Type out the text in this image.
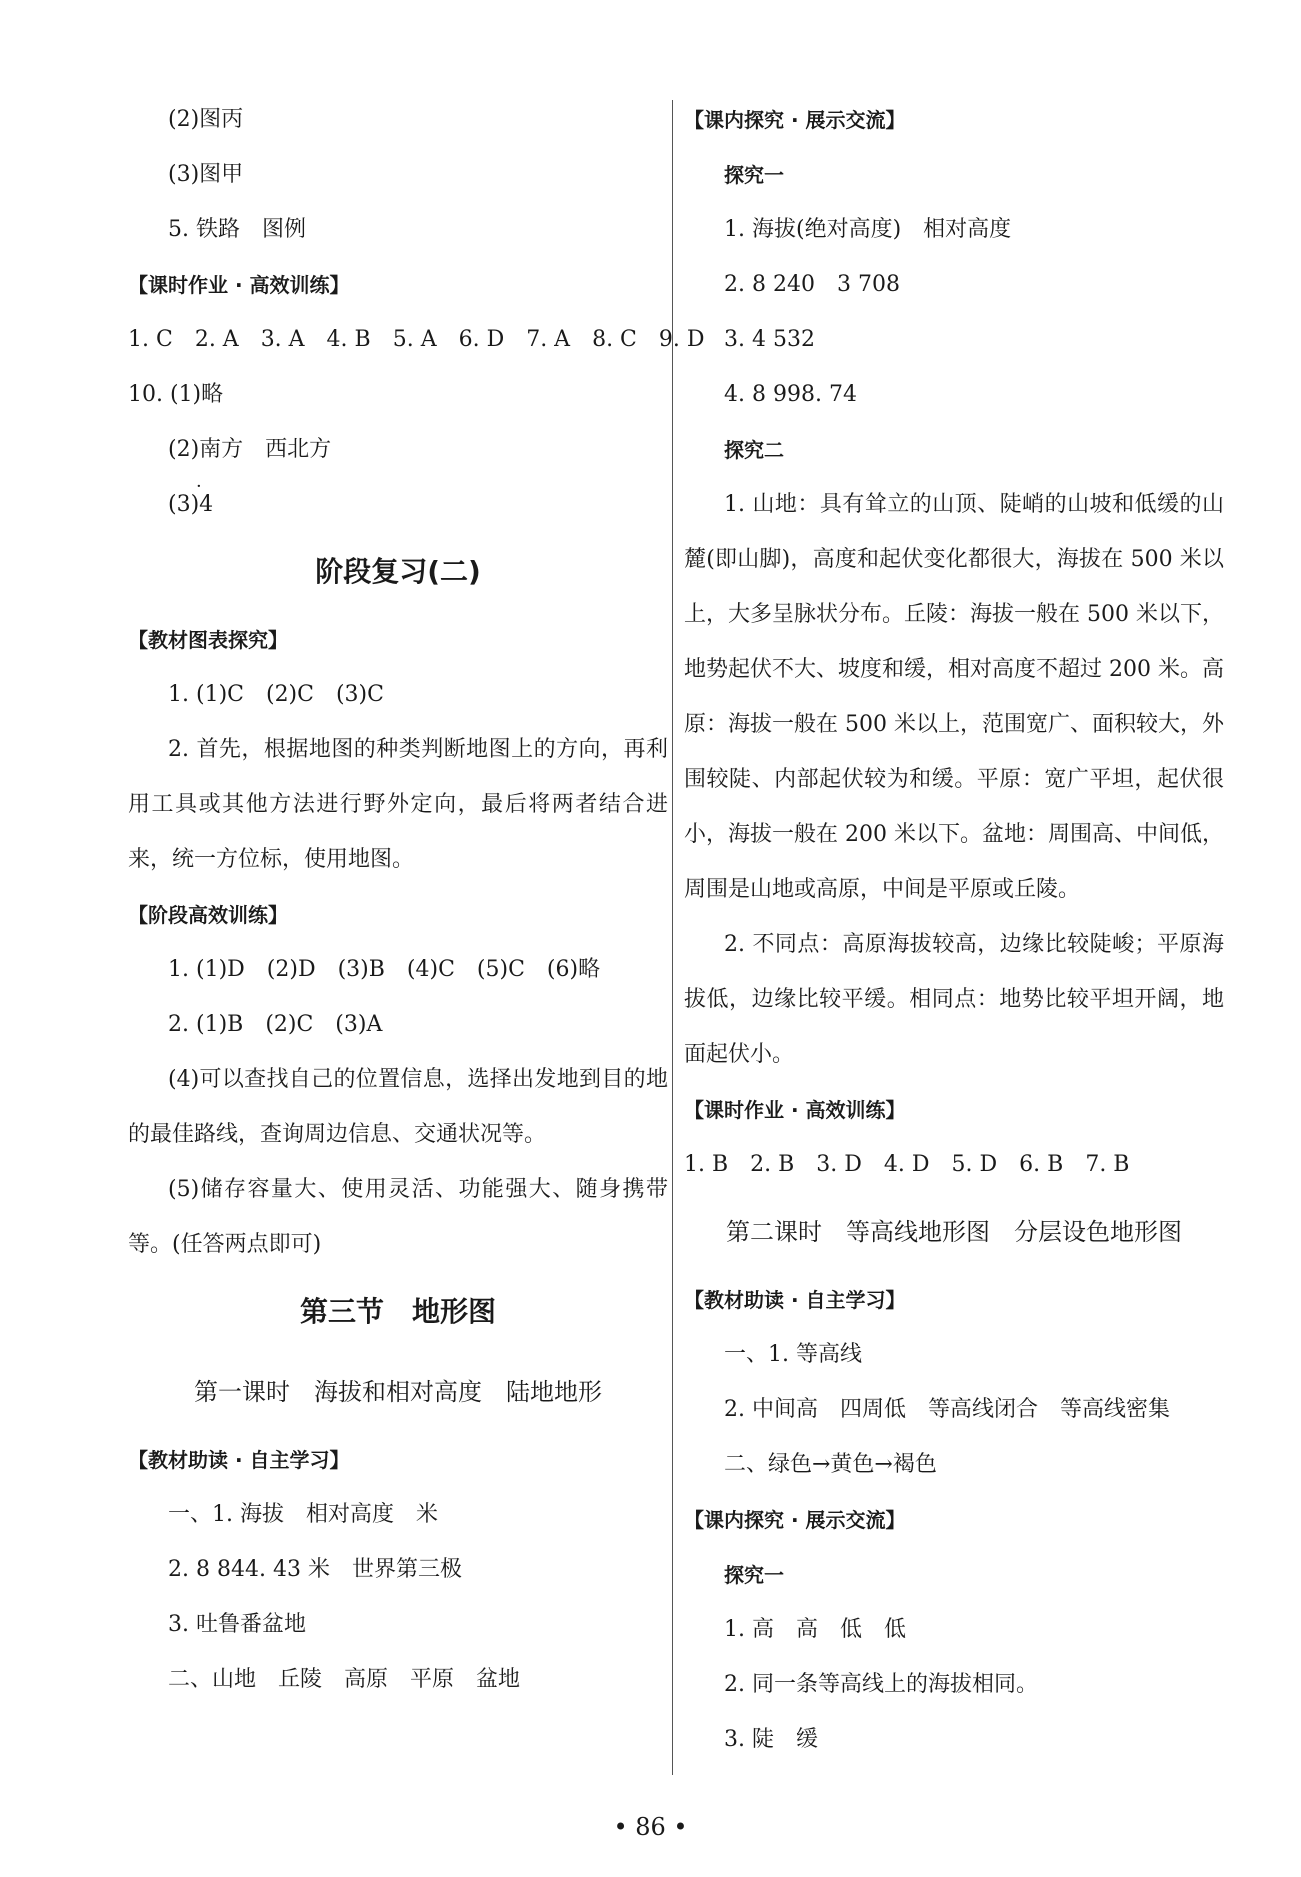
·
(2)图丙
(3)图甲
5. 铁路　图例
【课时作业 · 高效训练】
1. C　2. A　3. A　4. B　5. A　6. D　7. A　8. C　9. D
10. (1)略
(2)南方　西北方
(3)4
阶段复习(二)
【教材图表探究】
1. (1)C　(2)C　(3)C

2. 首先，根据地图的种类判断地图上的方向，再利用工具或其他方法进行野外定向，最后将两者结合进来，统一方位标，使用地图。

【阶段高效训练】
1. (1)D　(2)D　(3)B　(4)C　(5)C　(6)略
2. (1)B　(2)C　(3)A

(4)可以查找自己的位置信息，选择出发地到目的地的最佳路线，查询周边信息、交通状况等。

(5)储存容量大、使用灵活、功能强大、随身携带等。(任答两点即可)

第三节　地形图
第一课时　海拔和相对高度　陆地地形
【教材助读 · 自主学习】
一、1. 海拔　相对高度　米
2. 8 844. 43 米　世界第三极
3. 吐鲁番盆地
二、山地　丘陵　高原　平原　盆地
【课内探究 · 展示交流】
探究一
1. 海拔(绝对高度)　相对高度
2. 8 240　3 708
3. 4 532
4. 8 998. 74
探究二

1. 山地：具有耸立的山顶、陡峭的山坡和低缓的山麓(即山脚)，高度和起伏变化都很大，海拔在 500 米以上，大多呈脉状分布。丘陵：海拔一般在 500 米以下，地势起伏不大、坡度和缓，相对高度不超过 200 米。高原：海拔一般在 500 米以上，范围宽广、面积较大，外围较陡、内部起伏较为和缓。平原：宽广平坦，起伏很小，海拔一般在 200 米以下。盆地：周围高、中间低，周围是山地或高原，中间是平原或丘陵。

2. 不同点：高原海拔较高，边缘比较陡峻；平原海拔低，边缘比较平缓。相同点：地势比较平坦开阔，地面起伏小。

【课时作业 · 高效训练】
1. B　2. B　3. D　4. D　5. D　6. B　7. B
第二课时　等高线地形图　分层设色地形图
【教材助读 · 自主学习】
一、1. 等高线
2. 中间高　四周低　等高线闭合　等高线密集
二、绿色→黄色→褐色
【课内探究 · 展示交流】
探究一
1. 高　高　低　低
2. 同一条等高线上的海拔相同。
3. 陡　缓
• 86 •
